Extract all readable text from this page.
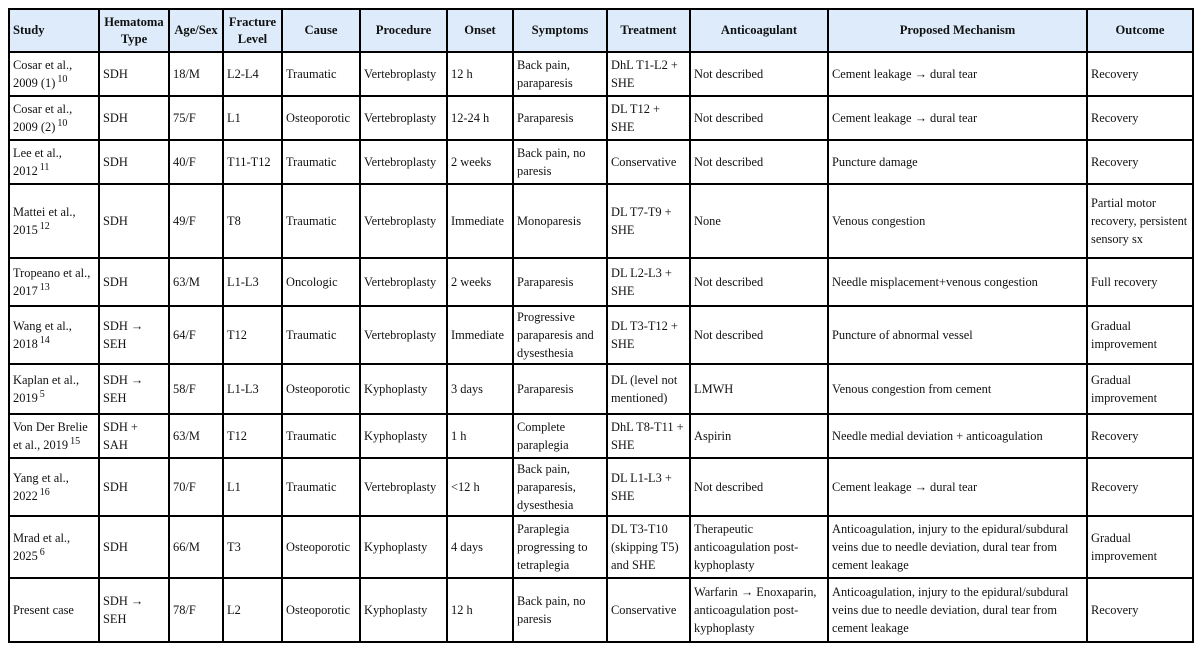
Study	Hematoma Type	Age/Sex	Fracture Level	Cause	Procedure	Onset	Symptoms	Treatment	Anticoagulant	Proposed Mechanism	Outcome
Cosar et al., 2009 (1) $^{10}$	SDH	18/M	L2-L4	Traumatic	Vertebroplasty	12 h	Back pain, paraparesis	DhL T1-L2 + SHE	Not described	Cement leakage → dural tear	Recovery
Cosar et al., 2009 (2) $^{10}$	SDH	75/F	L1	Osteoporotic	Vertebroplasty	12-24 h	Paraparesis	DL T12 + SHE	Not described	Cement leakage → dural tear	Recovery
Lee et al., 2012 $^{11}$	SDH	40/F	T11-T12	Traumatic	Vertebroplasty	2 weeks	Back pain, no paresis	Conservative	Not described	Puncture damage	Recovery
Mattei et al., 2015 $^{12}$	SDH	49/F	T8	Traumatic	Vertebroplasty	Immediate	Monoparesis	DL T7-T9 + SHE	None	Venous congestion	Partial motor recovery, persistent sensory sx
Tropeano et al., 2017 $^{13}$	SDH	63/M	L1-L3	Oncologic	Vertebroplasty	2 weeks	Paraparesis	DL L2-L3 + SHE	Not described	Needle misplacement+venous congestion	Full recovery
Wang et al., 2018 $^{14}$	SDH → SEH	64/F	T12	Traumatic	Vertebroplasty	Immediate	Progressive paraparesis and dysesthesia	DL T3-T12 + SHE	Not described	Puncture of abnormal vessel	Gradual improvement
Kaplan et al., 2019 $^5$	SDH → SEH	58/F	L1-L3	Osteoporotic	Kyphoplasty	3 days	Paraparesis	DL (level not mentioned)	LMWH	Venous congestion from cement	Gradual improvement
Von Der Brelie et al., 2019 $^{15}$	SDH + SAH	63/M	T12	Traumatic	Kyphoplasty	1 h	Complete paraplegia	DhL T8-T11 + SHE	Aspirin	Needle medial deviation + anticoagulation	Recovery
Yang et al., 2022 $^{16}$	SDH	70/F	L1	Traumatic	Vertebroplasty	<12 h	Back pain, paraparesis, dysesthesia	DL L1-L3 + SHE	Not described	Cement leakage → dural tear	Recovery
Mrad et al., 2025 $^6$	SDH	66/M	T3	Osteoporotic	Kyphoplasty	4 days	Paraplegia progressing to tetraplegia	DL T3-T10 (skipping T5) and SHE	Therapeutic anticoagulation post-kyphoplasty	Anticoagulation, injury to the epidural/subdural veins due to needle deviation, dural tear from cement leakage	Gradual improvement
Present case	SDH → SEH	78/F	L2	Osteoporotic	Kyphoplasty	12 h	Back pain, no paresis	Conservative	Warfarin → Enoxaparin, anticoagulation post-kyphoplasty	Anticoagulation, injury to the epidural/subdural veins due to needle deviation, dural tear from cement leakage	Recovery
